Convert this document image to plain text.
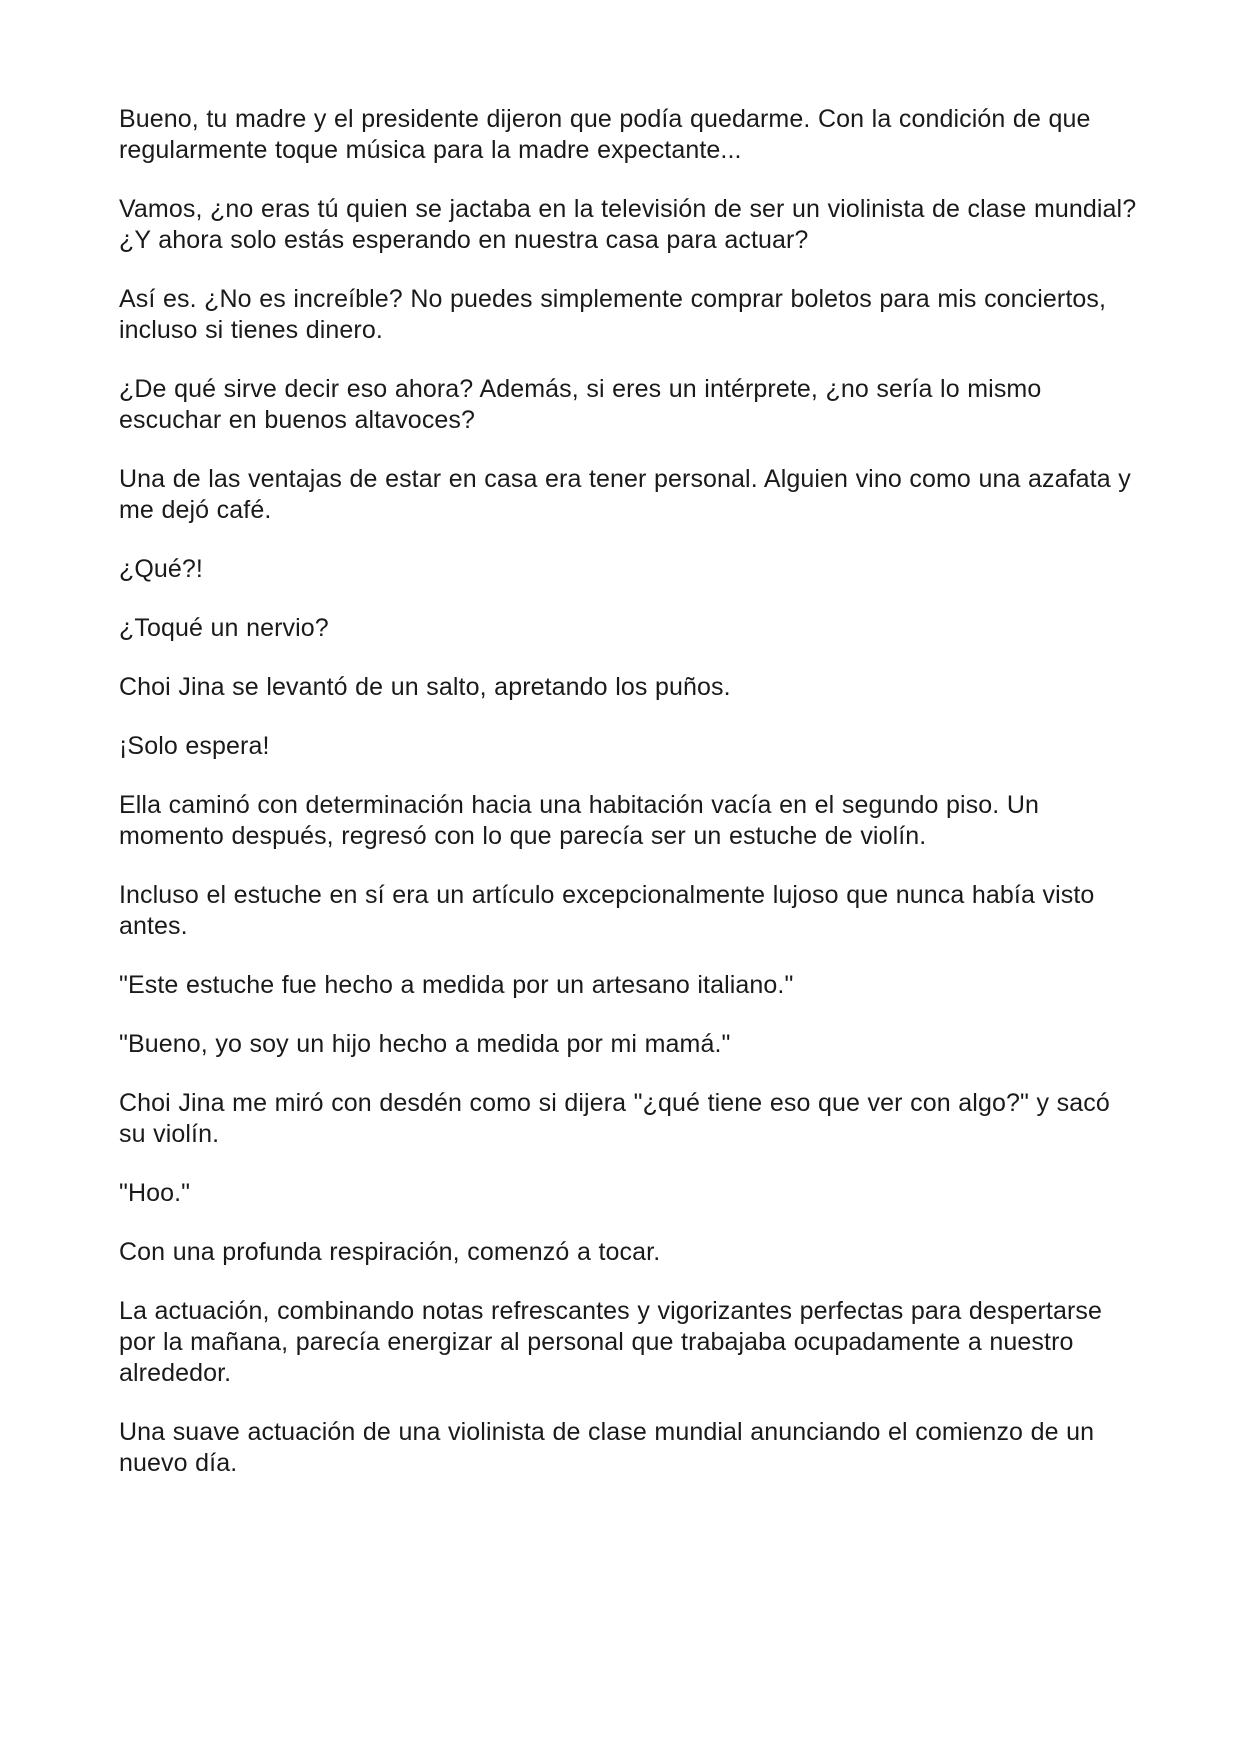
Bueno, tu madre y el presidente dijeron que podía quedarme. Con la condición de que regularmente toque música para la madre expectante...

Vamos, ¿no eras tú quien se jactaba en la televisión de ser un violinista de clase mundial? ¿Y ahora solo estás esperando en nuestra casa para actuar?

Así es. ¿No es increíble? No puedes simplemente comprar boletos para mis conciertos, incluso si tienes dinero.

¿De qué sirve decir eso ahora? Además, si eres un intérprete, ¿no sería lo mismo escuchar en buenos altavoces?

Una de las ventajas de estar en casa era tener personal. Alguien vino como una azafata y me dejó café.

¿Qué?!

¿Toqué un nervio?

Choi Jina se levantó de un salto, apretando los puños.

¡Solo espera!

Ella caminó con determinación hacia una habitación vacía en el segundo piso. Un momento después, regresó con lo que parecía ser un estuche de violín.

Incluso el estuche en sí era un artículo excepcionalmente lujoso que nunca había visto antes.

"Este estuche fue hecho a medida por un artesano italiano."

"Bueno, yo soy un hijo hecho a medida por mi mamá."

Choi Jina me miró con desdén como si dijera "¿qué tiene eso que ver con algo?" y sacó su violín.

"Hoo."

Con una profunda respiración, comenzó a tocar.

La actuación, combinando notas refrescantes y vigorizantes perfectas para despertarse por la mañana, parecía energizar al personal que trabajaba ocupadamente a nuestro alrededor.

Una suave actuación de una violinista de clase mundial anunciando el comienzo de un nuevo día.
